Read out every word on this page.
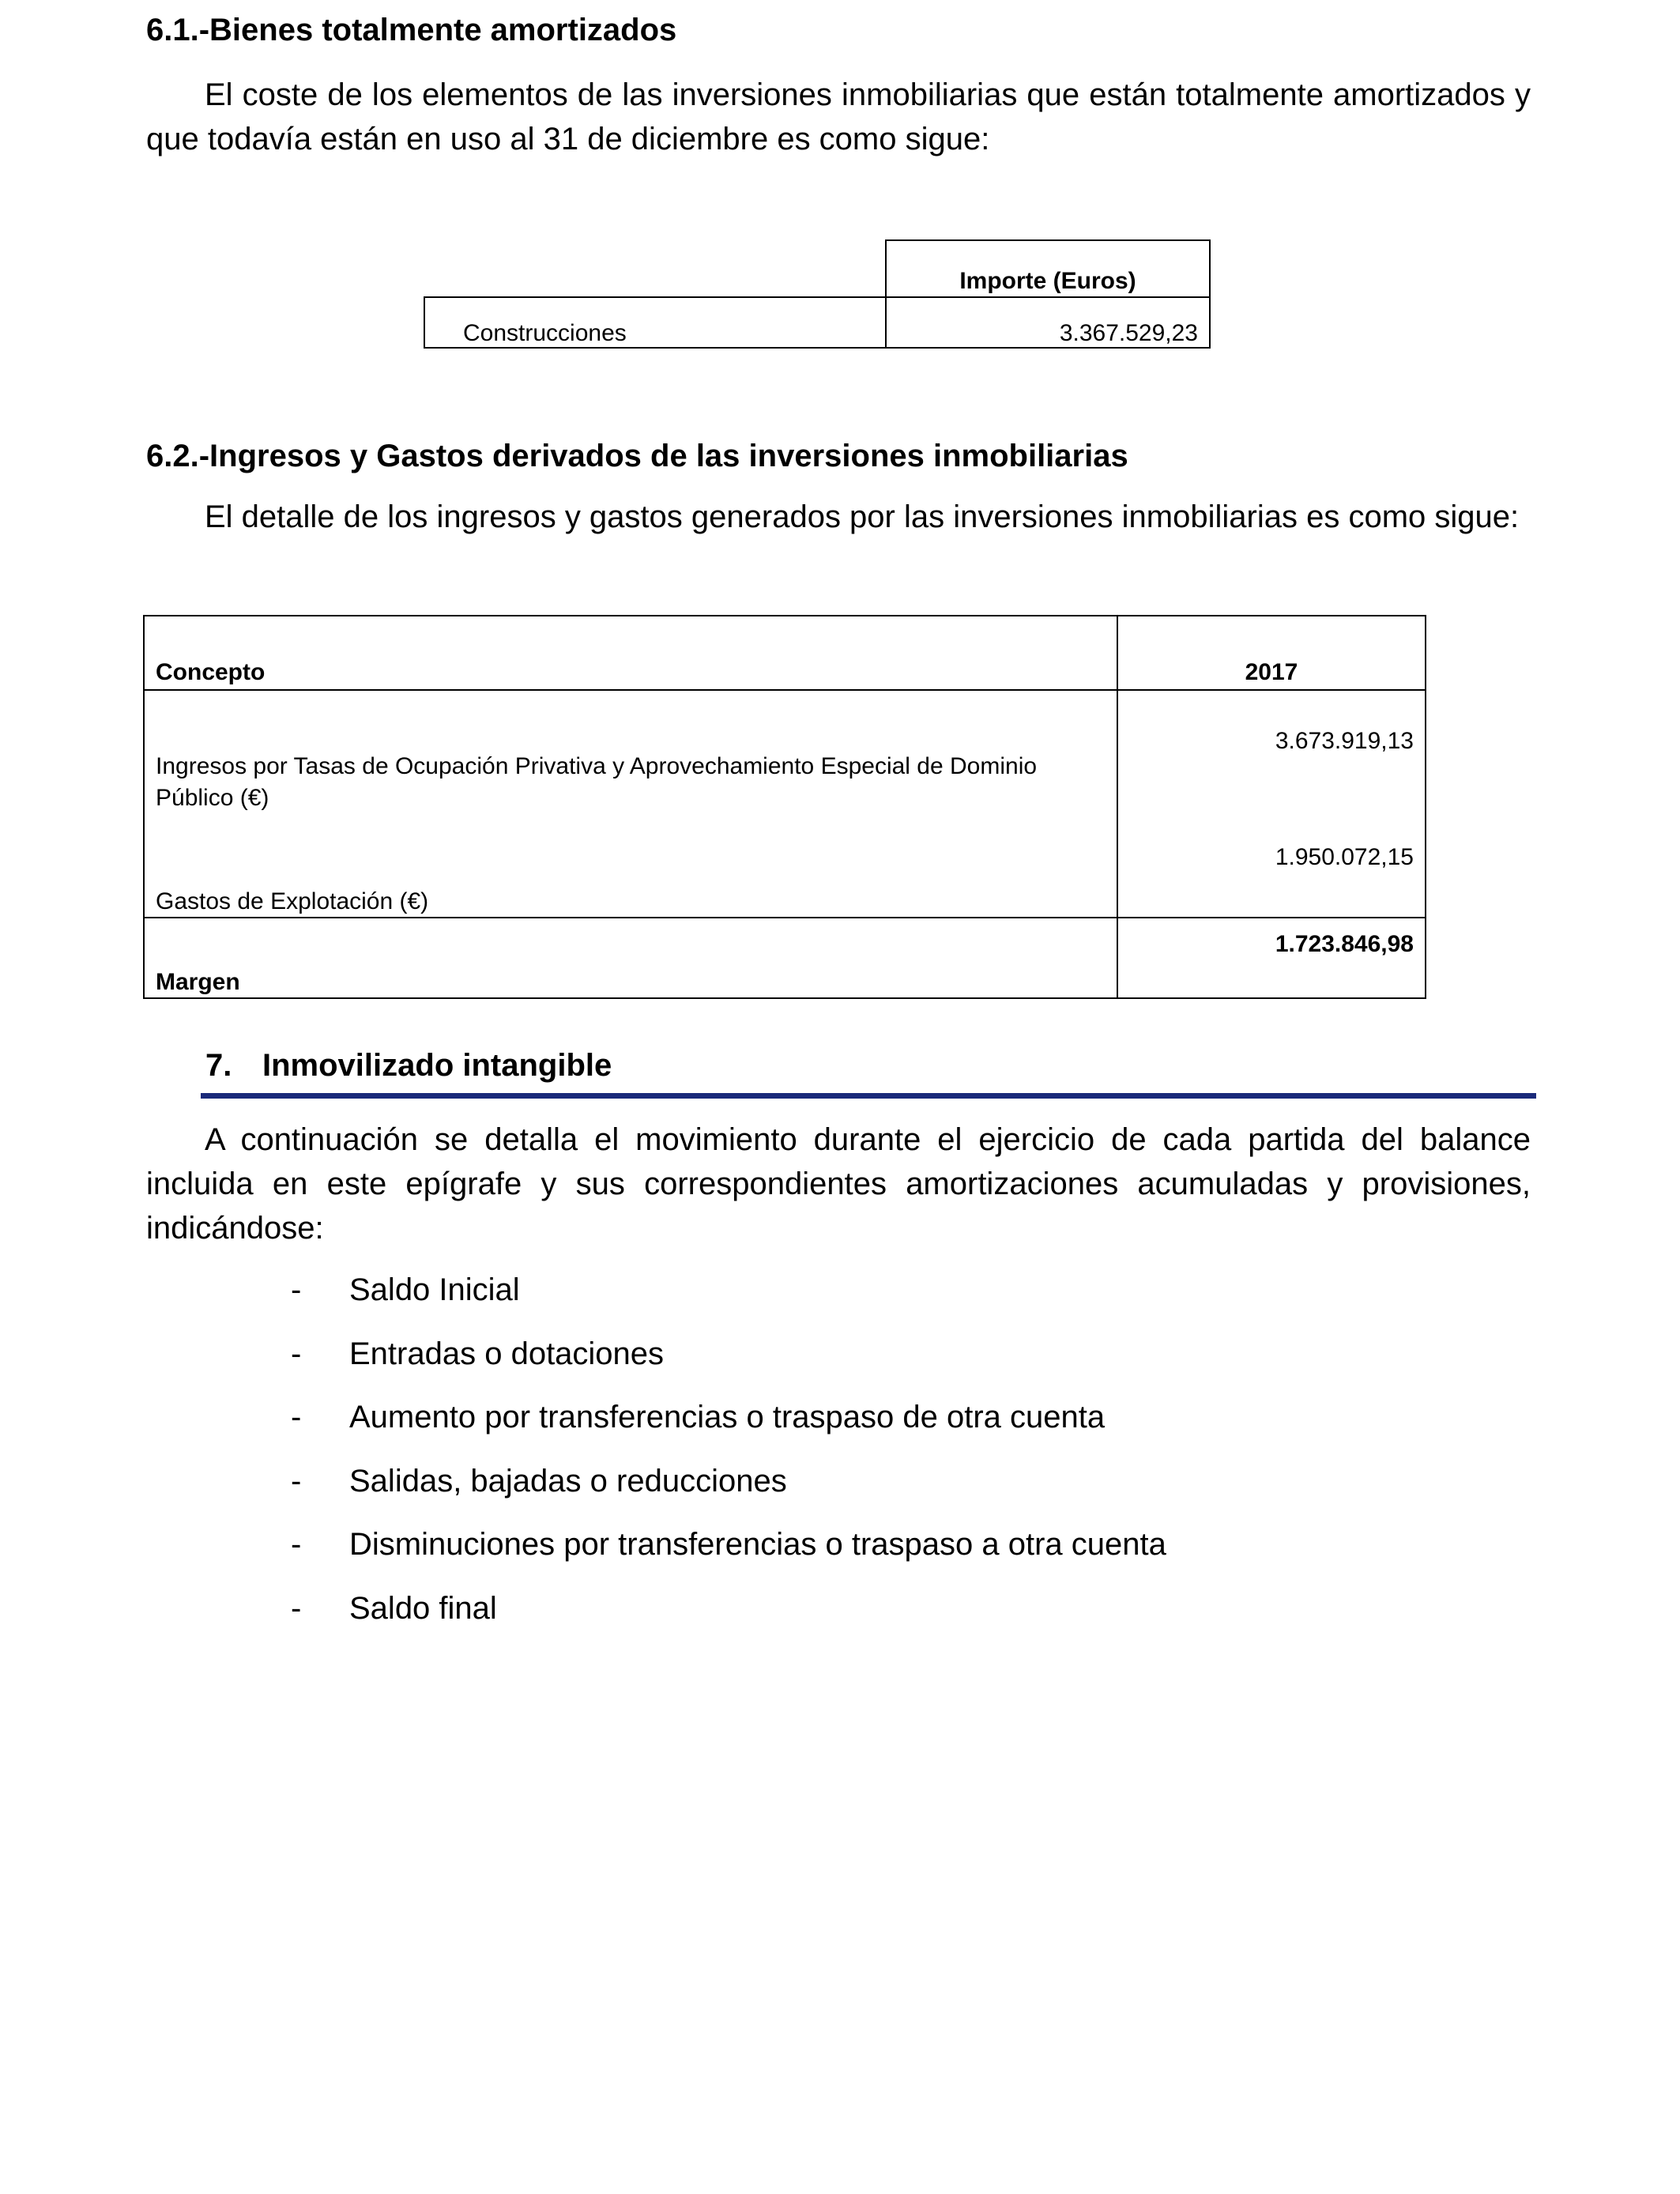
6.1.-Bienes totalmente amortizados
El coste de los elementos de las inversiones inmobiliarias que están totalmente amortizados y que todavía están en uso al 31 de diciembre es como sigue:
	Importe (Euros)
Construcciones	3.367.529,23
6.2.-Ingresos y Gastos derivados de las inversiones inmobiliarias
El detalle de los ingresos y gastos generados por las inversiones inmobiliarias es como sigue:
Concepto	2017
Ingresos por Tasas de Ocupación Privativa y Aprovechamiento Especial de Dominio Público (€)	3.673.919,13
Gastos de Explotación (€)	1.950.072,15
Margen	1.723.846,98
7. Inmovilizado intangible
A continuación se detalla el movimiento durante el ejercicio de cada partida del balance incluida en este epígrafe y sus correspondientes amortizaciones acumuladas y provisiones, indicándose:
- Saldo Inicial
- Entradas o dotaciones
- Aumento por transferencias o traspaso de otra cuenta
- Salidas, bajadas o reducciones
- Disminuciones por transferencias o traspaso a otra cuenta
- Saldo final
